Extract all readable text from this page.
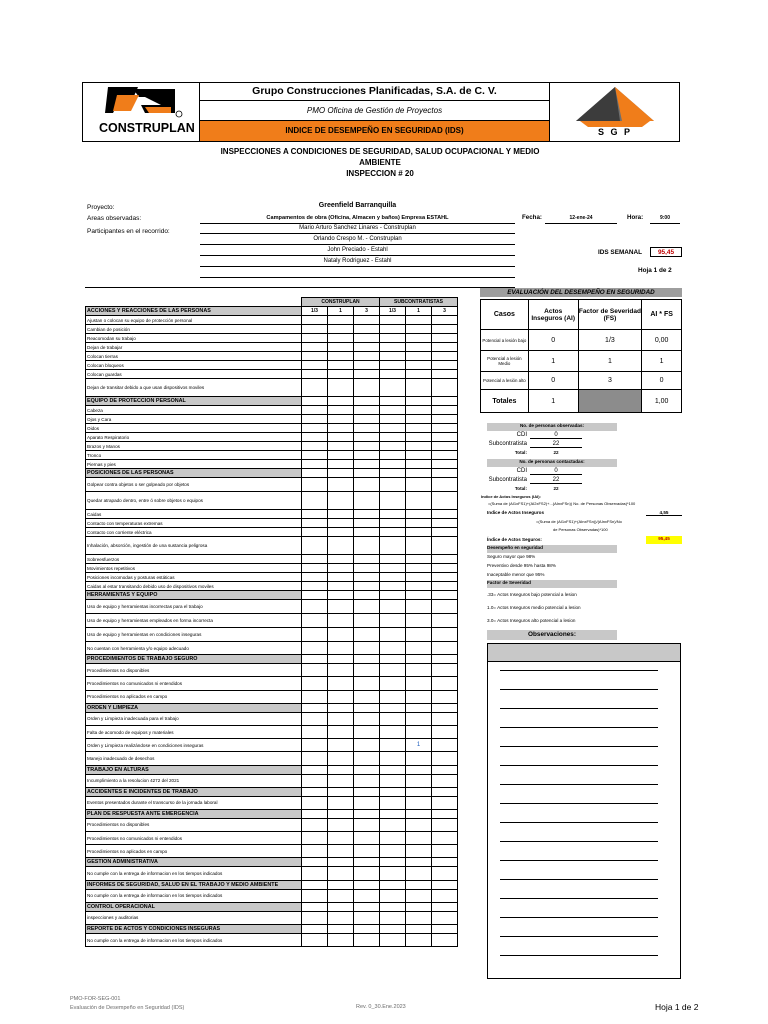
CONSTRUPLAN
Grupo Construcciones Planificadas, S.A. de C. V.
PMO Oficina de Gestión de Proyectos
INDICE DE DESEMPEÑO EN SEGURIDAD (IDS)	S G P
INSPECCIONES A CONDICIONES DE SEGURIDAD, SALUD OCUPACIONAL Y MEDIO
AMBIENTE
INSPECCION # 20
Proyecto:	Greenfield Barranquilla
Areas observadas:	Campamentos de obra (Oficina, Almacen y baños) Empresa ESTAHL
Participantes en el recorrido:	Mario Arturo Sanchez Linares - Construplan
Orlando Crespo M. - Construplan
John Preciado - Estahl
Nataly Rodriguez - Estahl
Fecha:	12-ene-24	Hora:	9:00
IDS SEMANAL	95,45
Hoja 1 de 2
	CONSTRUPLAN			SUBCONTRATISTAS		
ACCIONES Y REACCIONES DE LAS PERSONAS	1/3	1	3	1/3	1	3
Ajustan o colocan su equipo de protección personal						
Cambian de posición						
Reacomodan su trabajo						
Dejan de trabajar						
Colocan tierras						
Colocan bloqueos						
Colocan guardas						
Dejan de transitar debido a que usan dispositivos moviles						
EQUIPO DE PROTECCION PERSONAL						
Cabeza						
Ojos y Cara						
Oidos						
Aparato Respiratorio						
Brazos y Manos						
Tronco						
Piernas y pies						
POSICIONES DE LAS PERSONAS						
Golpear contra objetos o ser golpeado por objetos						
Quedar atrapado dentro, entre ó sobre objetos o equipos						
Caidas						
Contacto con temperaturas extremas						
Contacto con corriente eléctrica						
Inhalación, absorción, ingestión de una sustancia peligrosa						
Sobreesfuerzos						
Movimientos repetitivos						
Posiciones incomodas y posturas estáticas						
Caidas al estar transitando debido uso de dispositivos moviles						
HERRAMIENTAS Y EQUIPO						
Uso de equipo y herramientas incorrectas para el trabajo						
Uso de equipo y herramientas empleados en forma incorrecta						
Uso de equipo y herramientas en condiciones inseguras						
No cuentan con herramienta y/o equipo adecuado						
PROCEDIMIENTOS DE TRABAJO SEGURO						
Procedimientos no disponibles						
Procedimientos no comunicados ni entendidos						
Procedimientos no aplicados en campo						
ORDEN Y LIMPIEZA						
Orden y Limpieza inadecuada para el trabajo						
Falta de acomodo de equipos y materiales						
Orden y Limpieza realizándose en condiciones inseguras					1	
Manejo inadecuado de desechos						
TRABAJO EN ALTURAS						
Incumplimiento a la resolucion 4272 del 2021						
ACCIDENTES E INCIDENTES DE TRABAJO						
Eventos presentados durante el transcurso de la jornada laboral						
PLAN DE RESPUESTA ANTE EMERGENCIA						
Procedimientos no disponibles						
Procedimientos no comunicados ni entendidos						
Procedimientos no aplicados en campo						
GESTION ADMINISTRATIVA						
No cumple con la entrega de informacion en los tiempos indicados						
INFORMES DE SEGURIDAD, SALUD EN EL TRABAJO Y MEDIO AMBIENTE						
No cumple con la entrega de informacion en los tiempos indicados						
CONTROL OPERACIONAL						
inspecciones y auditorias						
REPORTE DE ACTOS Y CONDICIONES INSEGURAS						
No cumple con la entrega de informacion en los tiempos indicados						
EVALUACIÓN DEL DESEMPEÑO EN SEGURIDAD
Casos	Actos Inseguros (AI)	Factor de Severidad (FS)	AI * FS
Potencial a lesión bajo	0	1/3	0,00
Potencial a lesión Medio	1	1	1
Potencial a lesión alto	0	3	0
Totales	1		1,00
No. de personas observadas:
CDI	0
Subcontratista	22
Total:	22
No. de personas contactadas:
CDI	0
Subcontratista	22
Total:	22
Indice de Actos Inseguros (IAI):
=(Suma de (AI1xFS1)+(AI2xFS2)+...(AInxFSn)) No. de Personas Observadas)*100
Indice de Actos Inseguros	4,55
=(Suma de (AI1xFS1)+(AInxFSn))/(AInxFSn)/No
de Personas Observadas)*100
Índice de Actos Seguros:	95,45
Desempeño en seguridad
Seguro mayor que 98%
Preventivo desde 95% hasta 98%
Inaceptable menor que 95%
Factor de Severidad
.33= Actos Inseguros bajo potencial a lesion
1.0= Actos Inseguros medio potencial a lesion
3.0= Actos Inseguros alto potencial a lesion
Observaciones:
PMO-FOR-SEG-001
Evaluación de Desempeño en Seguridad (IDS)	Rev. 0_30.Ene.2023	Hoja 1 de 2
